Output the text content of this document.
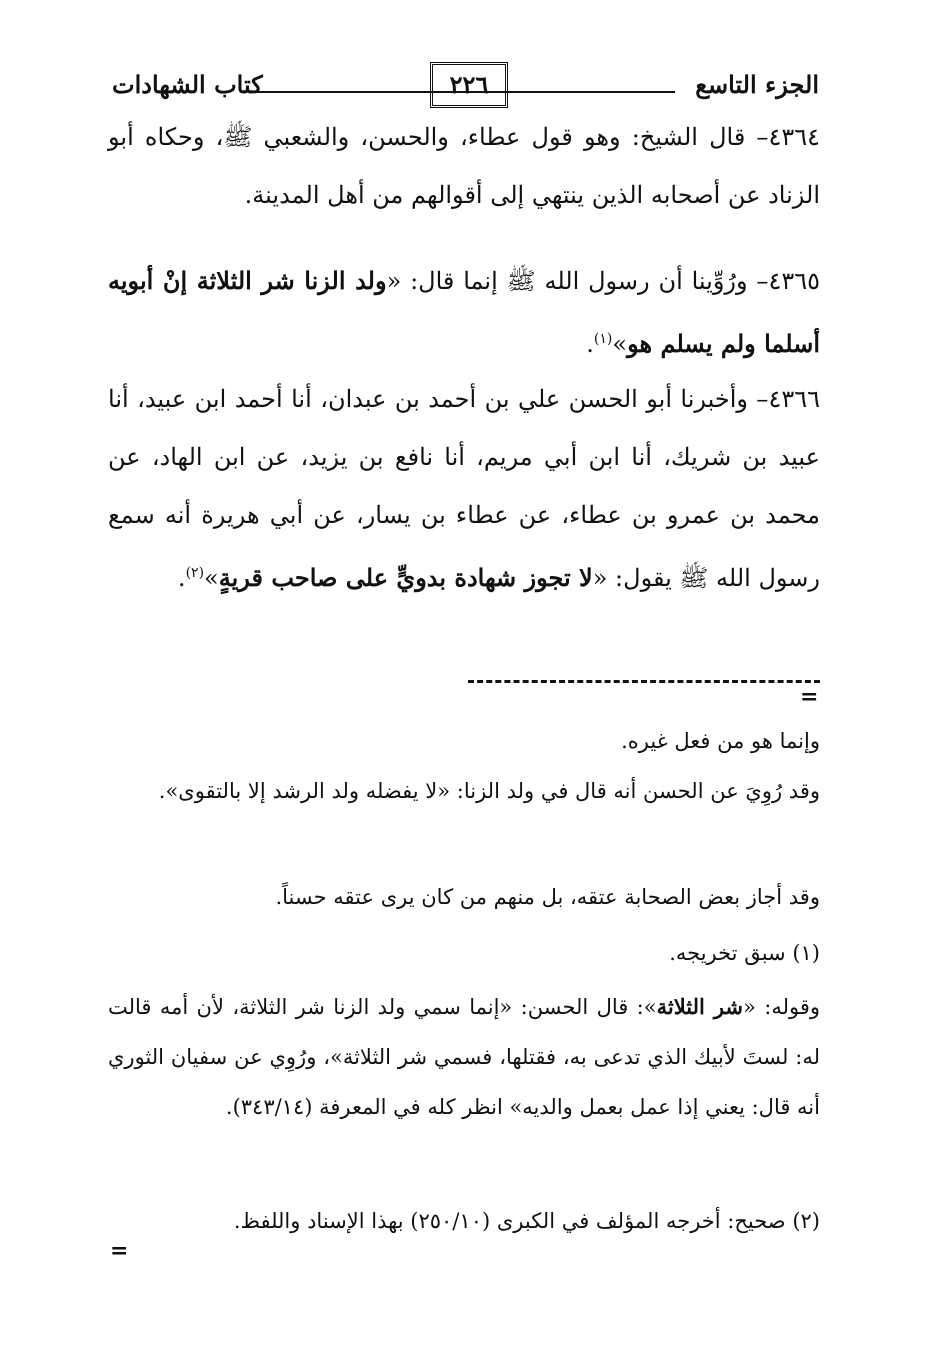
الجزء التاسع
٢٢٦
كتاب الشهادات

٤٣٦٤– قال الشيخ: وهو قول عطاء، والحسن، والشعبي ﷺ، وحكاه أبو الزناد عن أصحابه الذين ينتهي إلى أقوالهم من أهل المدينة.

٤٣٦٥– ورُوِّينا أن رسول الله ﷺ إنما قال: «ولد الزنا شر الثلاثة إنْ أبويه أسلما ولم يسلم هو»$^{(١)}$.

٤٣٦٦– وأخبرنا أبو الحسن علي بن أحمد بن عبدان، أنا أحمد ابن عبيد، أنا عبيد بن شريك، أنا ابن أبي مريم، أنا نافع بن يزيد، عن ابن الهاد، عن محمد بن عمرو بن عطاء، عن عطاء بن يسار، عن أبي هريرة أنه سمع رسول الله ﷺ يقول: «لا تجوز شهادة بدويٍّ على صاحب قريةٍ»$^{(٢)}$.

=

وإنما هو من فعل غيره.

وقد رُوِيَ عن الحسن أنه قال في ولد الزنا: «لا يفضله ولد الرشد إلا بالتقوى».

وقد أجاز بعض الصحابة عتقه، بل منهم من كان يرى عتقه حسناً.

(١) سبق تخريجه.

وقوله: «شر الثلاثة»: قال الحسن: «إنما سمي ولد الزنا شر الثلاثة، لأن أمه قالت له: لستَ لأبيك الذي تدعى به، فقتلها، فسمي شر الثلاثة»، ورُوِي عن سفيان الثوري أنه قال: يعني إذا عمل بعمل والديه» انظر كله في المعرفة (٣٤٣/١٤).

(٢) صحيح: أخرجه المؤلف في الكبرى (٢٥٠/١٠) بهذا الإسناد واللفظ.

=
